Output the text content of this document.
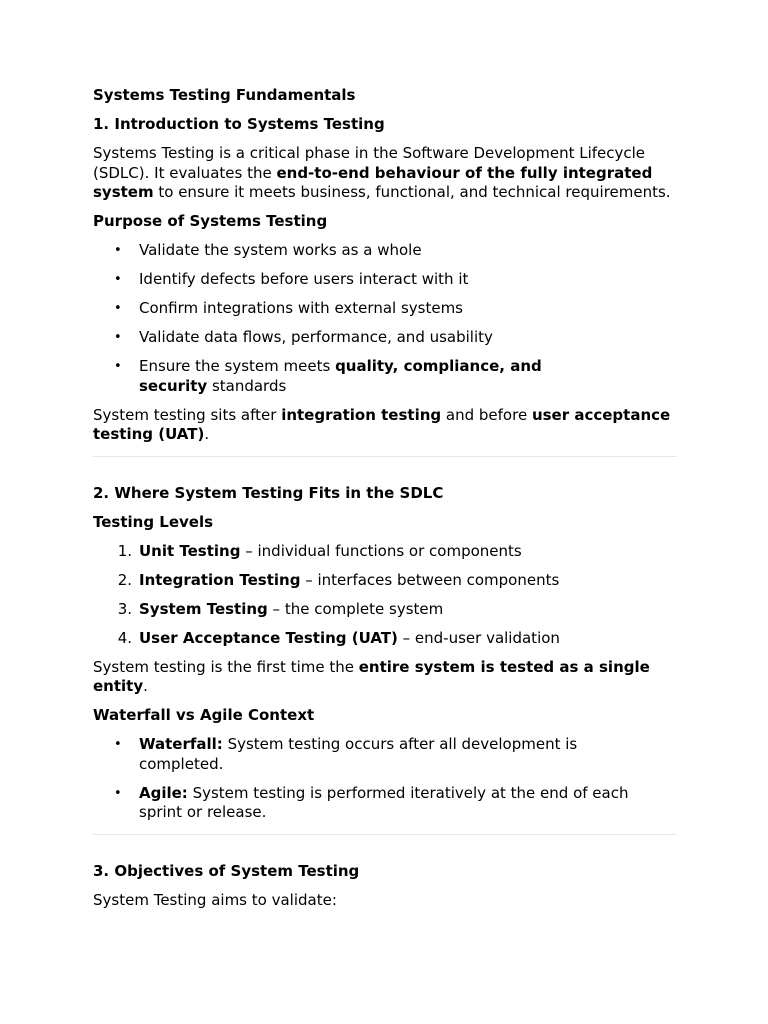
Systems Testing Fundamentals

1. Introduction to Systems Testing

Systems Testing is a critical phase in the Software Development Lifecycle (SDLC). It evaluates the end-to-end behaviour of the fully integrated system to ensure it meets business, functional, and technical requirements.

Purpose of Systems Testing

• Validate the system works as a whole
• Identify defects before users interact with it
• Confirm integrations with external systems
• Validate data flows, performance, and usability
• Ensure the system meets quality, compliance, and security standards

System testing sits after integration testing and before user acceptance testing (UAT).

2. Where System Testing Fits in the SDLC

Testing Levels

1. Unit Testing – individual functions or components
2. Integration Testing – interfaces between components
3. System Testing – the complete system
4. User Acceptance Testing (UAT) – end-user validation

System testing is the first time the entire system is tested as a single entity.

Waterfall vs Agile Context

• Waterfall: System testing occurs after all development is completed.
• Agile: System testing is performed iteratively at the end of each sprint or release.

3. Objectives of System Testing

System Testing aims to validate:
